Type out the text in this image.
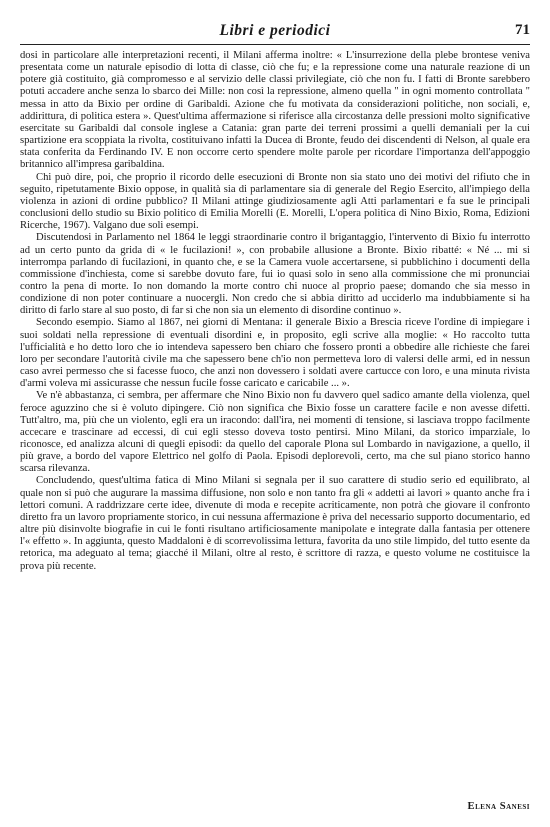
Libri e periodici	71

dosi in particolare alle interpretazioni recenti, il Milani afferma inoltre: « L'insurrezione della plebe brontese veniva presentata come un naturale episodio di lotta di classe, ciò che fu; e la repressione come una naturale reazione di un potere già costituito, già compromesso e al servizio delle classi privilegiate, ciò che non fu. I fatti di Bronte sarebbero potuti accadere anche senza lo sbarco dei Mille: non così la repressione, almeno quella " in ogni momento controllata " messa in atto da Bixio per ordine di Garibaldi. Azione che fu motivata da considerazioni politiche, non sociali, e, addirittura, di politica estera ». Quest'ultima affermazione si riferisce alla circostanza delle pressioni molto significative esercitate su Garibaldi dal console inglese a Catania: gran parte dei terreni prossimi a quelli demaniali per la cui spartizione era scoppiata la rivolta, costituivano infatti la Ducea di Bronte, feudo dei discendenti di Nelson, al quale era stata conferita da Ferdinando IV. E non occorre certo spendere molte parole per ricordare l'importanza dell'appoggio britannico all'impresa garibaldina.

Chi può dire, poi, che proprio il ricordo delle esecuzioni di Bronte non sia stato uno dei motivi del rifiuto che in seguito, ripetutamente Bixio oppose, in qualità sia di parlamentare sia di generale del Regio Esercito, all'impiego della violenza in azioni di ordine pubblico? Il Milani attinge giudiziosamente agli Atti parlamentari e fa sue le principali conclusioni dello studio su Bixio politico di Emilia Morelli (E. Morelli, L'opera politica di Nino Bixio, Roma, Edizioni Ricerche, 1967). Valgano due soli esempi.

Discutendosi in Parlamento nel 1864 le leggi straordinarie contro il brigantaggio, l'intervento di Bixio fu interrotto ad un certo punto da grida di « le fucilazioni! », con probabile allusione a Bronte. Bixio ribatté: « Né ... mi si interrompa parlando di fucilazioni, in quanto che, e se la Camera vuole accertarsene, si pubblichino i documenti della commissione d'inchiesta, come si sarebbe dovuto fare, fui io quasi solo in seno alla commissione che mi pronunciai contro la pena di morte. Io non domando la morte contro chi nuoce al proprio paese; domando che sia messo in condizione di non poter continuare a nuocergli. Non credo che si abbia diritto ad ucciderlo ma indubbiamente si ha diritto di farlo stare al suo posto, di far sì che non sia un elemento di disordine continuo ».

Secondo esempio. Siamo al 1867, nei giorni di Mentana: il generale Bixio a Brescia riceve l'ordine di impiegare i suoi soldati nella repressione di eventuali disordini e, in proposito, egli scrive alla moglie: « Ho raccolto tutta l'ufficialità e ho detto loro che io intendeva sapessero ben chiaro che fossero pronti a obbedire alle richieste che farei loro per secondare l'autorità civile ma che sapessero bene ch'io non permetteva loro di valersi delle armi, ed in nessun caso avrei permesso che si facesse fuoco, che anzi non dovessero i soldati avere cartucce con loro, e una minuta rivista d'armi voleva mi assicurasse che nessun fucile fosse caricato e caricabile ... ».

Ve n'è abbastanza, ci sembra, per affermare che Nino Bixio non fu davvero quel sadico amante della violenza, quel feroce aguzzino che si è voluto dipingere. Ciò non significa che Bixio fosse un carattere facile e non avesse difetti. Tutt'altro, ma, più che un violento, egli era un iracondo: dall'ira, nei momenti di tensione, si lasciava troppo facilmente accecare e trascinare ad eccessi, di cui egli stesso doveva tosto pentirsi. Mino Milani, da storico imparziale, lo riconosce, ed analizza alcuni di quegli episodi: da quello del caporale Plona sul Lombardo in navigazione, a quello, il più grave, a bordo del vapore Elettrico nel golfo di Paola. Episodi deplorevoli, certo, ma che sul piano storico hanno scarsa rilevanza.

Concludendo, quest'ultima fatica di Mino Milani si segnala per il suo carattere di studio serio ed equilibrato, al quale non si può che augurare la massima diffusione, non solo e non tanto fra gli « addetti ai lavori » quanto anche fra i lettori comuni. A raddrizzare certe idee, divenute di moda e recepite acriticamente, non potrà che giovare il confronto diretto fra un lavoro propriamente storico, in cui nessuna affermazione è priva del necessario supporto documentario, ed altre più disinvolte biografie in cui le fonti risultano artificiosamente manipolate e integrate dalla fantasia per ottenere l'« effetto ». In aggiunta, questo Maddaloni è di scorrevolissima lettura, favorita da uno stile limpido, del tutto esente da retorica, ma adeguato al tema; giacché il Milani, oltre al resto, è scrittore di razza, e questo volume ne costituisce la prova più recente.

Elena Sanesi
